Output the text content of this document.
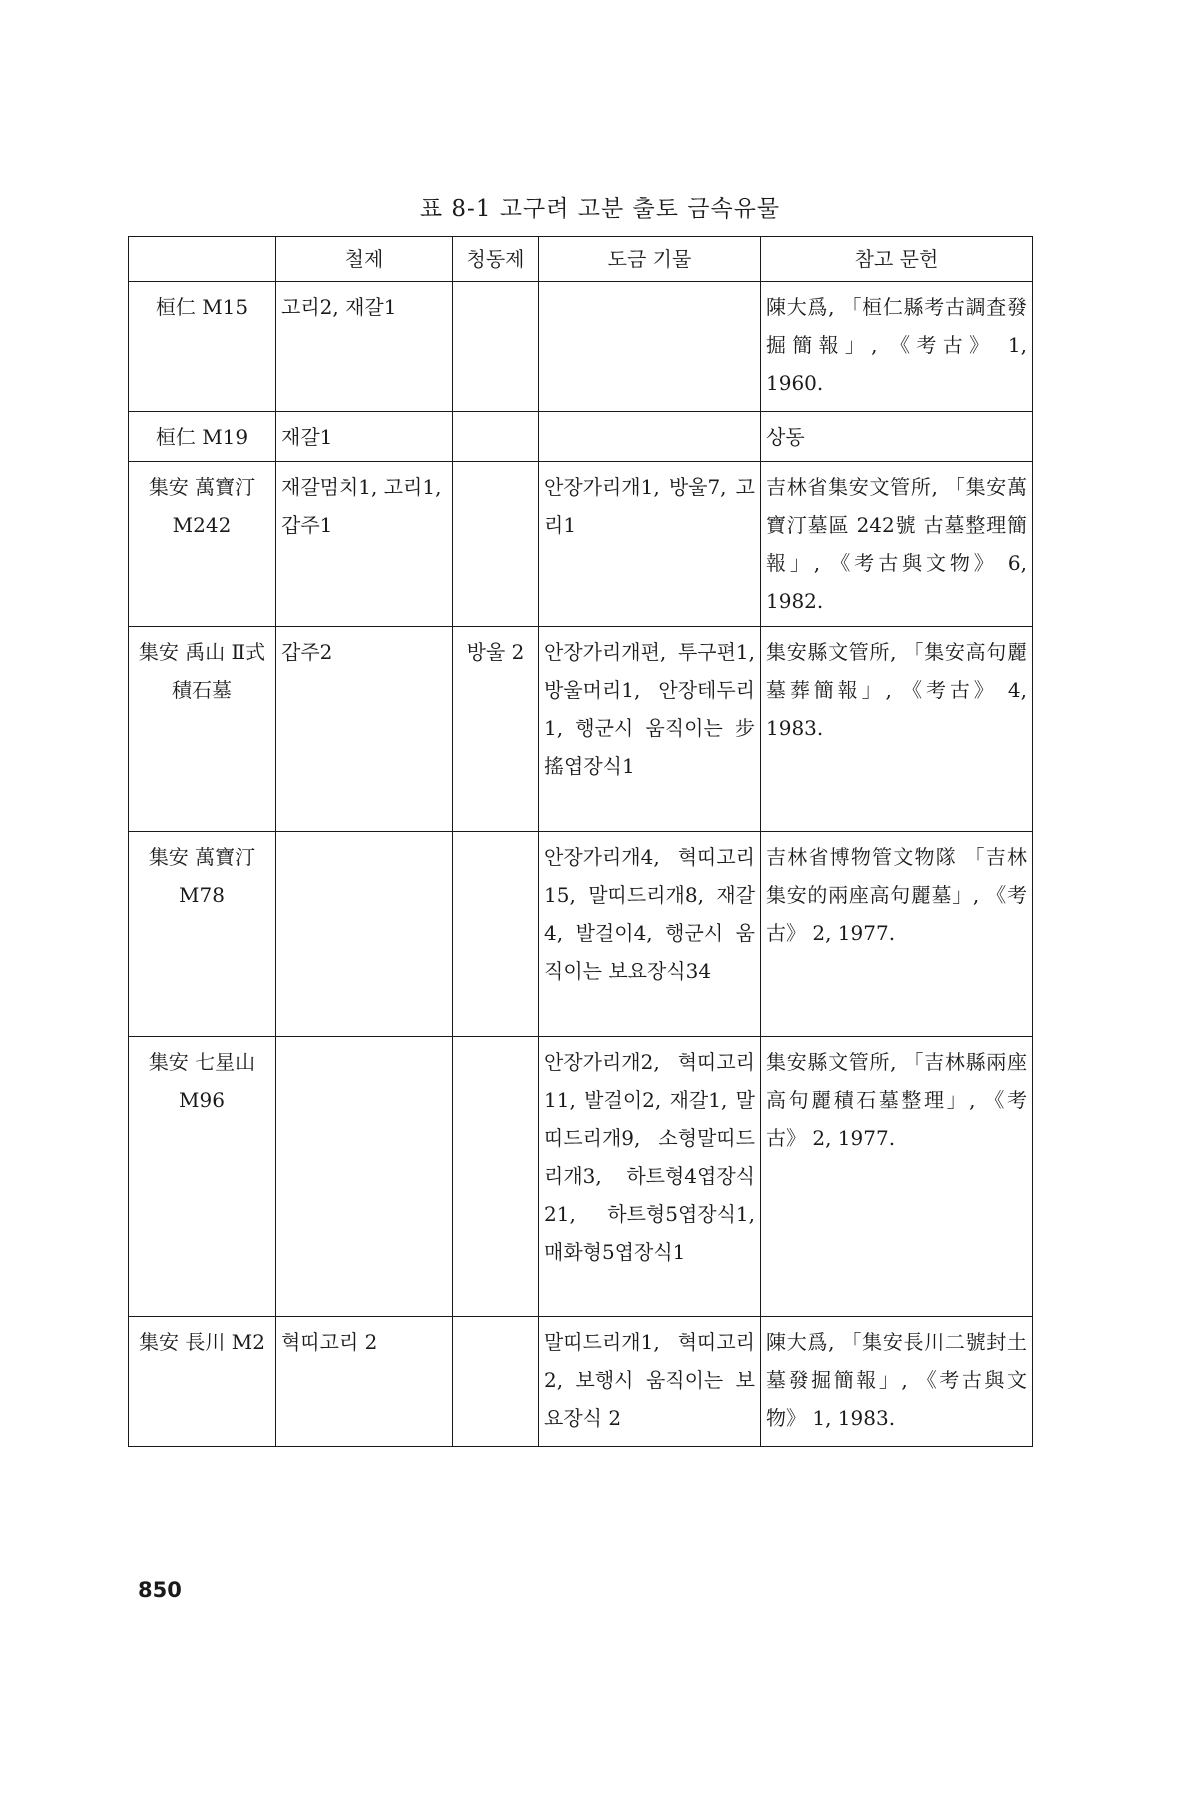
표 8-1 고구려 고분 출토 금속유물
	철제	청동제	도금 기물	참고 문헌
桓仁 M15	고리2, 재갈1			陳大爲, 「桓仁縣考古調査發掘簡報」, 《考古》 1, 1960.
桓仁 M19	재갈1			상동
集安 萬寶汀 M242	재갈멈치1, 고리1, 갑주1		안장가리개1, 방울7, 고리1	吉林省集安文管所, 「集安萬寶汀墓區 242號 古墓整理簡報」, 《考古與文物》 6, 1982.
集安 禹山 Ⅱ式 積石墓	갑주2	방울 2	안장가리개편, 투구편1, 방울머리1, 안장테두리1, 행군시 움직이는 步搖엽장식1	集安縣文管所, 「集安高句麗墓葬簡報」, 《考古》 4, 1983.
集安 萬寶汀 M78			안장가리개4, 혁띠고리 15, 말띠드리개8, 재갈4, 발걸이4, 행군시 움직이는 보요장식34	吉林省博物管文物隊 「吉林集安的兩座高句麗墓」, 《考古》 2, 1977.
集安 七星山 M96			안장가리개2, 혁띠고리11, 발걸이2, 재갈1, 말띠드리개9, 소형말띠드리개3, 하트형4엽장식21, 하트형5엽장식1, 매화형5엽장식1	集安縣文管所, 「吉林縣兩座高句麗積石墓整理」, 《考古》 2, 1977.
集安 長川 M2	혁띠고리 2		말띠드리개1, 혁띠고리2, 보행시 움직이는 보요장식 2	陳大爲, 「集安長川二號封土墓發掘簡報」, 《考古與文物》 1, 1983.
850
